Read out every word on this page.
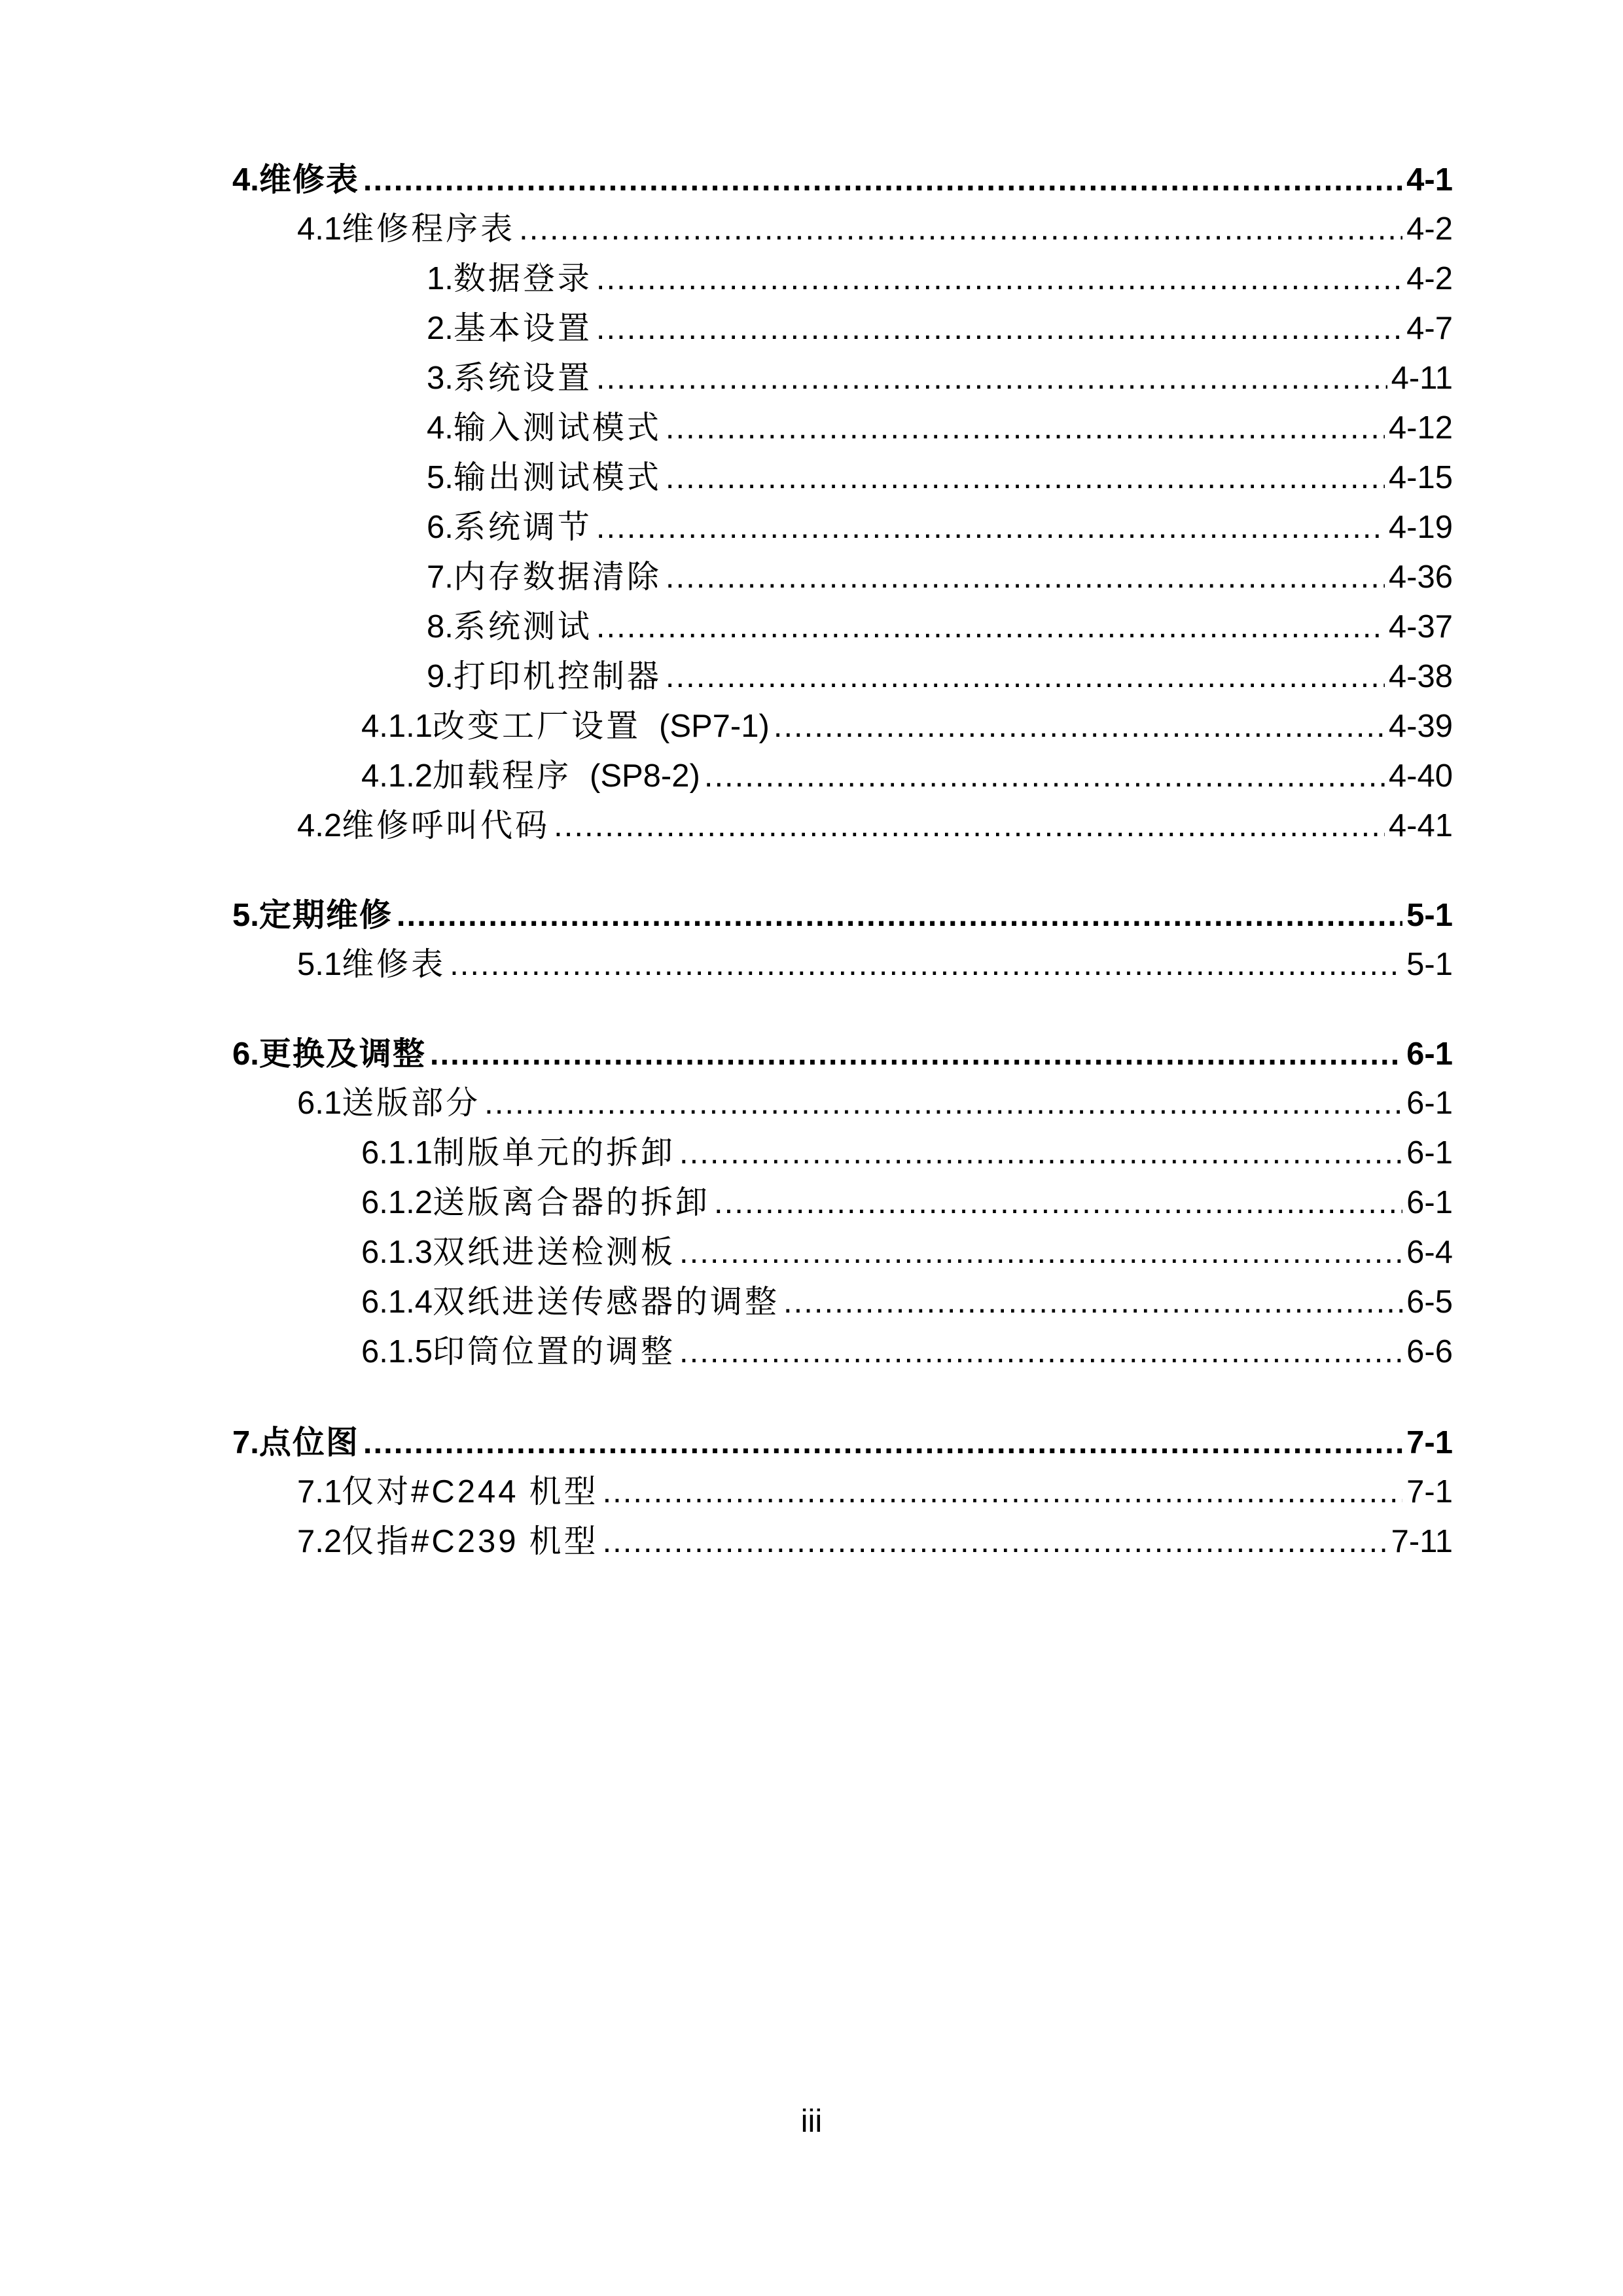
4. 维修表 .....	4-1
4.1 维修程序表 .....	4-2
1. 数据登录 .....	4-2
2. 基本设置 .....	4-7
3. 系统设置 .....	4-11
4. 输入测试模式 .....	4-12
5. 输出测试模式 .....	4-15
6. 系统调节 .....	4-19
7. 内存数据清除 .....	4-36
8. 系统测试 .....	4-37
9. 打印机控制器 .....	4-38
4.1.1 改变工厂设置 (SP7-1) .....	4-39
4.1.2 加载程序 (SP8-2) .....	4-40
4.2 维修呼叫代码 .....	4-41
5. 定期维修 .....	5-1
5.1 维修表 .....	5-1
6. 更换及调整 .....	6-1
6.1 送版部分 .....	6-1
6.1.1 制版单元的拆卸 .....	6-1
6.1.2 送版离合器的拆卸 .....	6-1
6.1.3 双纸进送检测板 .....	6-4
6.1.4 双纸进送传感器的调整 .....	6-5
6.1.5 印筒位置的调整 .....	6-6
7. 点位图 .....	7-1
7.1 仅对 #C244 机型 .....	7-1
7.2 仅指 #C239 机型 .....	7-11
iii
